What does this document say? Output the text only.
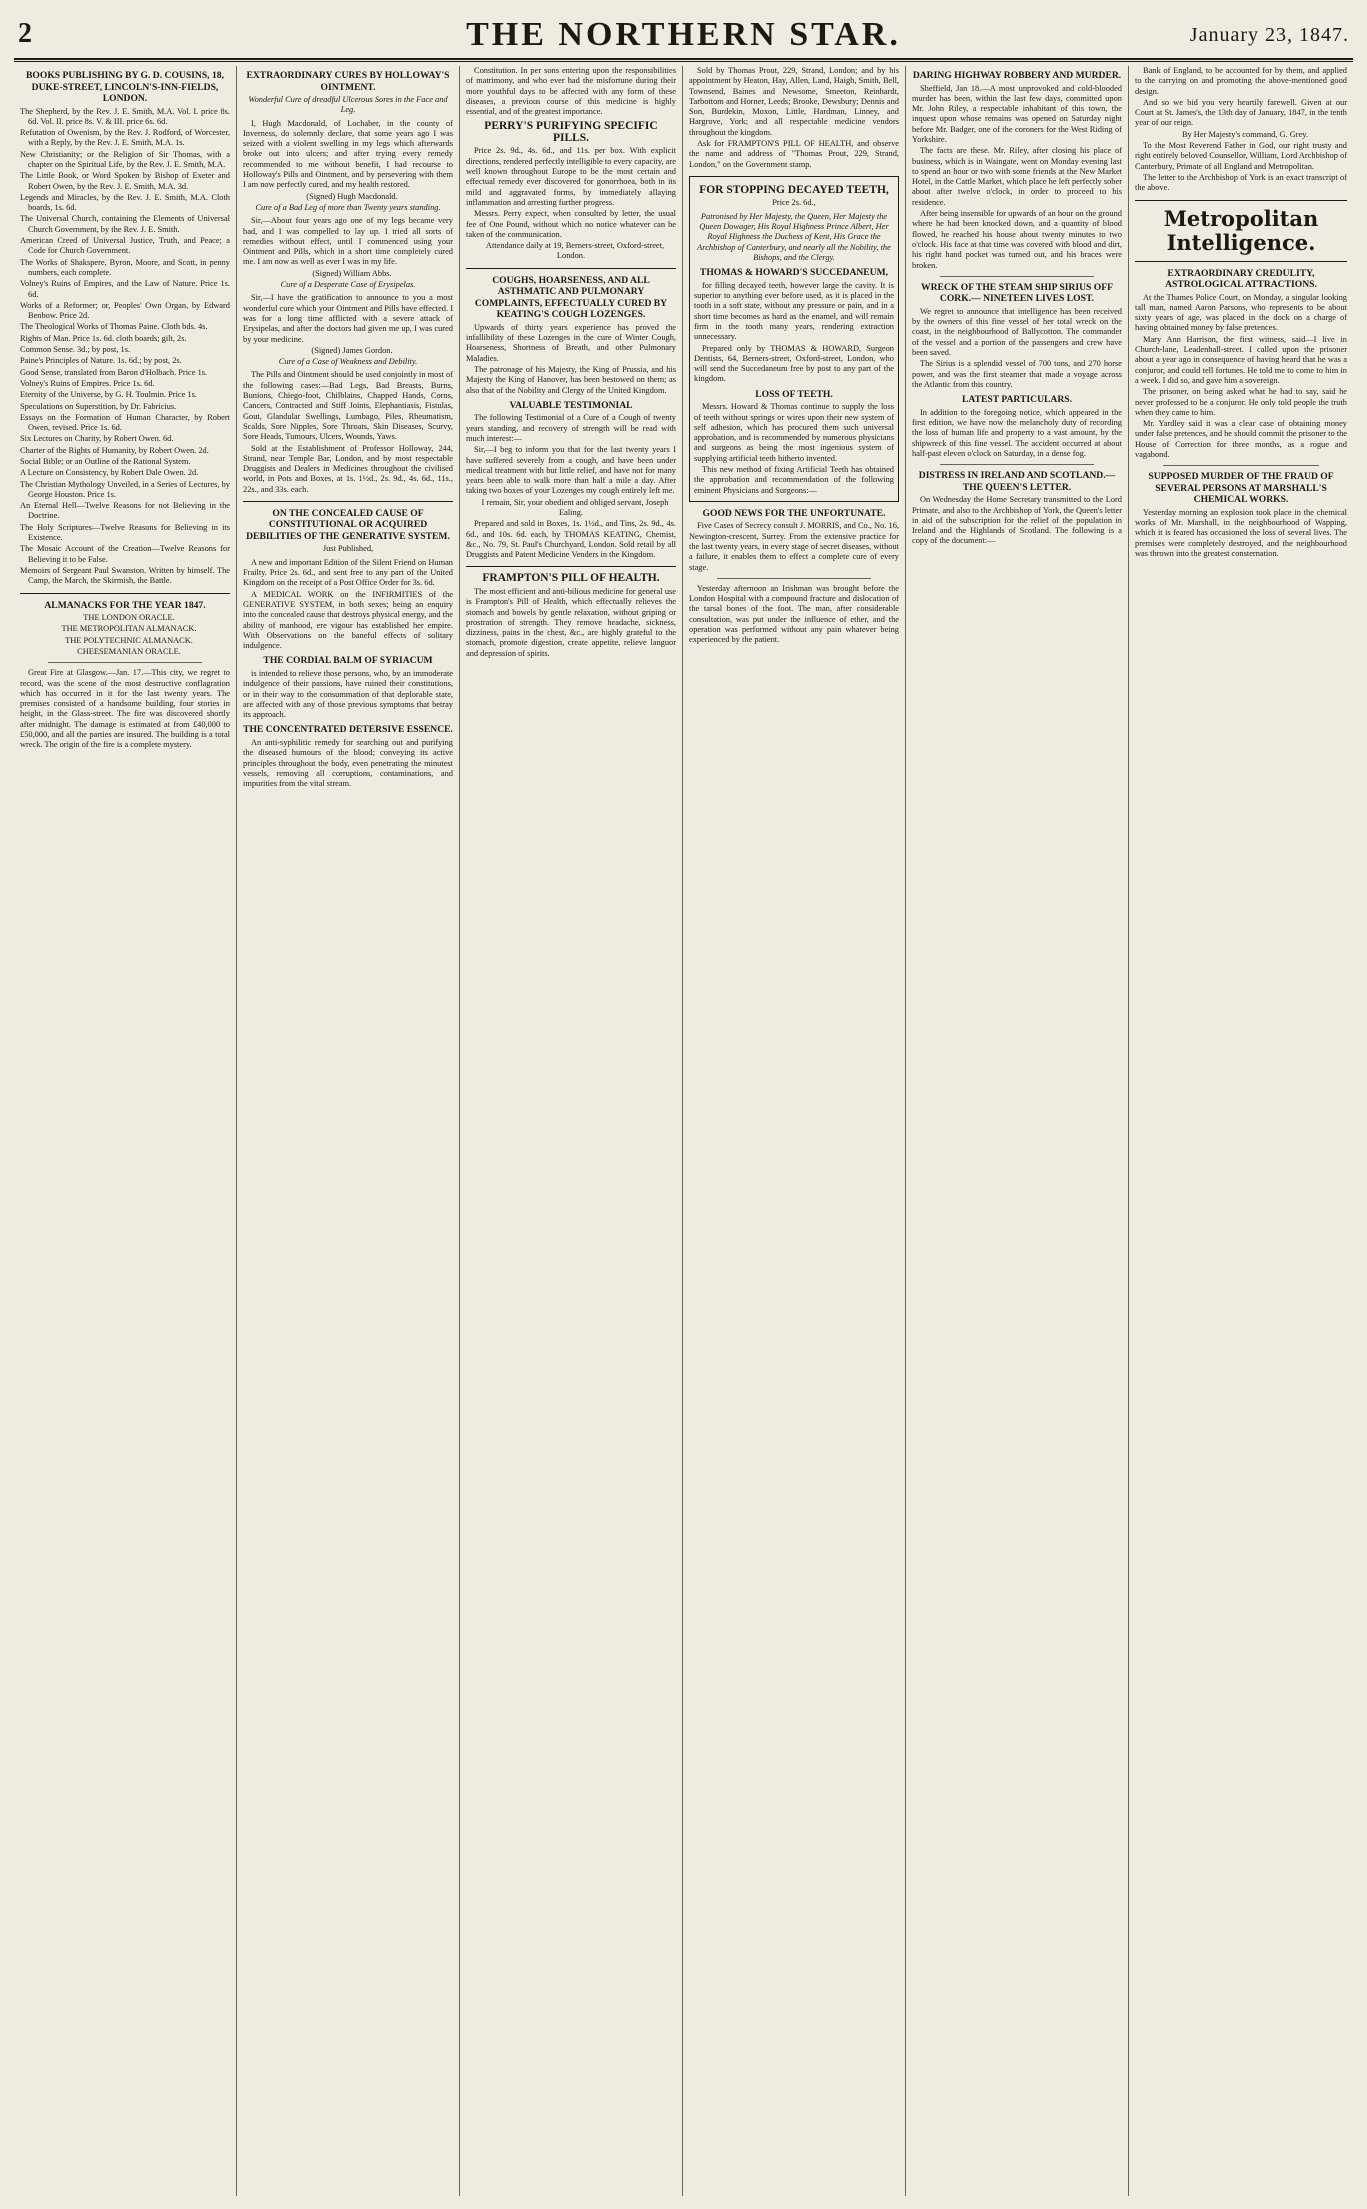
2	THE NORTHERN STAR.	January 23, 1847.
BOOKS PUBLISHING BY G. D. COUSINS, 18, DUKE-STREET, LINCOLN'S-INN-FIELDS, LONDON.

The Shepherd, by the Rev. J. E. Smith, M.A. Vol. I. price 8s. 6d. Vol. II. price 8s. V. & III. price 6s. 6d.

Refutation of Owenism, by the Rev. J. Rodford, of Worcester, with a Reply, by the Rev. J. E. Smith, M.A. 1s.

New Christianity; or the Religion of Sir Thomas, with a chapter on the Spiritual Life, by the Rev. J. E. Smith, M.A.

The Little Book, or Word Spoken by Bishop of Exeter and Robert Owen, by the Rev. J. E. Smith, M.A. 3d.

Legends and Miracles, by the Rev. J. E. Smith, M.A. Cloth boards, 1s. 6d.

The Universal Church, containing the Elements of Universal Church Government, by the Rev. J. E. Smith.

American Creed of Universal Justice, Truth, and Peace; a Code for Church Government.

The Works of Shakspere, Byron, Moore, and Scott, in penny numbers, each complete.

Volney's Ruins of Empires, and the Law of Nature. Price 1s. 6d.

Works of a Reformer; or, Peoples' Own Organ, by Edward Benbow. Price 2d.

The Theological Works of Thomas Paine. Cloth bds. 4s.

Rights of Man. Price 1s. 6d. cloth boards; gilt, 2s.

Common Sense. 3d.; by post, 1s.

Paine's Principles of Nature. 1s. 6d.; by post, 2s.

Good Sense, translated from Baron d'Holbach. Price 1s.

Volney's Ruins of Empires. Price 1s. 6d.

Eternity of the Universe, by G. H. Toulmin. Price 1s.

Speculations on Superstition, by Dr. Fabricius.

Essays on the Formation of Human Character, by Robert Owen, revised. Price 1s. 6d.

Six Lectures on Charity, by Robert Owen. 6d.

Charter of the Rights of Humanity, by Robert Owen. 2d.

Social Bible; or an Outline of the Rational System.

A Lecture on Consistency, by Robert Dale Owen. 2d.

The Christian Mythology Unveiled, in a Series of Lectures, by George Houston. Price 1s.

An Eternal Hell—Twelve Reasons for not Believing in the Doctrine.

The Holy Scriptures—Twelve Reasons for Believing in its Existence.

The Mosaic Account of the Creation—Twelve Reasons for Believing it to be False.

Memoirs of Sergeant Paul Swanston. Written by himself. The Camp, the March, the Skirmish, the Battle.

ALMANACKS FOR THE YEAR 1847.

THE LONDON ORACLE.

THE METROPOLITAN ALMANACK.

THE POLYTECHNIC ALMANACK.

CHEESEMANIAN ORACLE.

Great Fire at Glasgow.—Jan. 17.—This city, we regret to record, was the scene of the most destructive conflagration which has occurred in it for the last twenty years. The premises consisted of a handsome building, four stories in height, in the Glass-street. The fire was discovered shortly after midnight. The damage is estimated at from £40,000 to £50,000, and all the parties are insured. The building is a total wreck. The origin of the fire is a complete mystery.

EXTRAORDINARY CURES BY HOLLOWAY'S OINTMENT.
Wonderful Cure of dreadful Ulcerous Sores in the Face and Leg.

I, Hugh Macdonald, of Lochaber, in the county of Inverness, do solemnly declare, that some years ago I was seized with a violent swelling in my legs which afterwards broke out into ulcers; and after trying every remedy recommended to me without benefit, I had recourse to Holloway's Pills and Ointment, and by persevering with them I am now perfectly cured, and my health restored.

(Signed) Hugh Macdonald.

Cure of a Bad Leg of more than Twenty years standing.

Sir,—About four years ago one of my legs became very bad, and I was compelled to lay up. I tried all sorts of remedies without effect, until I commenced using your Ointment and Pills, which in a short time completely cured me. I am now as well as ever I was in my life.

(Signed) William Abbs.

Cure of a Desperate Case of Erysipelas.

Sir,—I have the gratification to announce to you a most wonderful cure which your Ointment and Pills have effected. I was for a long time afflicted with a severe attack of Erysipelas, and after the doctors had given me up, I was cured by your medicine.

(Signed) James Gordon.

Cure of a Case of Weakness and Debility.

The Pills and Ointment should be used conjointly in most of the following cases:—Bad Legs, Bad Breasts, Burns, Bunions, Chiego-foot, Chilblains, Chapped Hands, Corns, Cancers, Contracted and Stiff Joints, Elephantiasis, Fistulas, Gout, Glandular Swellings, Lumbago, Piles, Rheumatism, Scalds, Sore Nipples, Sore Throats, Skin Diseases, Scurvy, Sore Heads, Tumours, Ulcers, Wounds, Yaws.

Sold at the Establishment of Professor Holloway, 244, Strand, near Temple Bar, London, and by most respectable Druggists and Dealers in Medicines throughout the civilised world, in Pots and Boxes, at 1s. 1½d., 2s. 9d., 4s. 6d., 11s., 22s., and 33s. each.

ON THE CONCEALED CAUSE OF CONSTITUTIONAL OR ACQUIRED DEBILITIES OF THE GENERATIVE SYSTEM.
Just Published,

A new and important Edition of the Silent Friend on Human Frailty. Price 2s. 6d., and sent free to any part of the United Kingdom on the receipt of a Post Office Order for 3s. 6d.

A MEDICAL WORK on the INFIRMITIES of the GENERATIVE SYSTEM, in both sexes; being an enquiry into the concealed cause that destroys physical energy, and the ability of manhood, ere vigour has established her empire. With Observations on the baneful effects of solitary indulgence.

THE CORDIAL BALM OF SYRIACUM

is intended to relieve those persons, who, by an immoderate indulgence of their passions, have ruined their constitutions, or in their way to the consummation of that deplorable state, are affected with any of those previous symptoms that betray its approach.

THE CONCENTRATED DETERSIVE ESSENCE.

An anti-syphilitic remedy for searching out and purifying the diseased humours of the blood; conveying its active principles throughout the body, even penetrating the minutest vessels, removing all corruptions, contaminations, and impurities from the vital stream.

Constitution. In per sons entering upon the responsibilities of matrimony, and who ever had the misfortune during their more youthful days to be affected with any form of these diseases, a previous course of this medicine is highly essential, and of the greatest importance.

PERRY'S PURIFYING SPECIFIC PILLS.

Price 2s. 9d., 4s. 6d., and 11s. per box. With explicit directions, rendered perfectly intelligible to every capacity, are well known throughout Europe to be the most certain and effectual remedy ever discovered for gonorrhoea, both in its mild and aggravated forms, by immediately allaying inflammation and arresting further progress.

Messrs. Perry expect, when consulted by letter, the usual fee of One Pound, without which no notice whatever can be taken of the communication.

Attendance daily at 19, Berners-street, Oxford-street, London.

COUGHS, HOARSENESS, AND ALL ASTHMATIC AND PULMONARY COMPLAINTS, EFFECTUALLY CURED BY KEATING'S COUGH LOZENGES.

Upwards of thirty years experience has proved the infallibility of these Lozenges in the cure of Winter Cough, Hoarseness, Shortness of Breath, and other Pulmonary Maladies.

The patronage of his Majesty, the King of Prussia, and his Majesty the King of Hanover, has been bestowed on them; as also that of the Nobility and Clergy of the United Kingdom.

VALUABLE TESTIMONIAL

The following Testimonial of a Cure of a Cough of twenty years standing, and recovery of strength will be read with much interest:—

Sir,—I beg to inform you that for the last twenty years I have suffered severely from a cough, and have been under medical treatment with but little relief, and have not for many years been able to walk more than half a mile a day. After taking two boxes of your Lozenges my cough entirely left me.

I remain, Sir, your obedient and obliged servant, Joseph Ealing.

Prepared and sold in Boxes, 1s. 1½d., and Tins, 2s. 9d., 4s. 6d., and 10s. 6d. each, by THOMAS KEATING, Chemist, &c., No. 79, St. Paul's Churchyard, London. Sold retail by all Druggists and Patent Medicine Venders in the Kingdom.

FRAMPTON'S PILL OF HEALTH.

The most efficient and anti-bilious medicine for general use is Frampton's Pill of Health, which effectually relieves the stomach and bowels by gentle relaxation, without griping or prostration of strength. They remove headache, sickness, dizziness, pains in the chest, &c., are highly grateful to the stomach, promote digestion, create appetite, relieve languor and depression of spirits.

Sold by Thomas Prout, 229, Strand, London; and by his appointment by Heaton, Hay, Allen, Land, Haigh, Smith, Bell, Townsend, Baines and Newsome, Smeeton, Reinhardt, Tarbottom and Horner, Leeds; Brooke, Dewsbury; Dennis and Son, Burdekin, Moxon, Little, Hardman, Linney, and Hargrove, York; and all respectable medicine vendors throughout the kingdom.

Ask for FRAMPTON'S PILL OF HEALTH, and observe the name and address of "Thomas Prout, 229, Strand, London," on the Government stamp.

FOR STOPPING DECAYED TEETH,
Price 2s. 6d.,
Patronised by Her Majesty, the Queen, Her Majesty the Queen Dowager, His Royal Highness Prince Albert, Her Royal Highness the Duchess of Kent, His Grace the Archbishop of Canterbury, and nearly all the Nobility, the Bishops, and the Clergy.
THOMAS & HOWARD'S SUCCEDANEUM,

for filling decayed teeth, however large the cavity. It is superior to anything ever before used, as it is placed in the tooth in a soft state, without any pressure or pain, and in a short time becomes as hard as the enamel, and will remain firm in the tooth many years, rendering extraction unnecessary.

Prepared only by THOMAS & HOWARD, Surgeon Dentists, 64, Berners-street, Oxford-street, London, who will send the Succedaneum free by post to any part of the kingdom.

LOSS OF TEETH.

Messrs. Howard & Thomas continue to supply the loss of teeth without springs or wires upon their new system of self adhesion, which has procured them such universal approbation, and is recommended by numerous physicians and surgeons as being the most ingenious system of supplying artificial teeth hitherto invented.

This new method of fixing Artificial Teeth has obtained the approbation and recommendation of the following eminent Physicians and Surgeons:—

GOOD NEWS FOR THE UNFORTUNATE.

Five Cases of Secrecy consult J. MORRIS, and Co., No. 16, Newington-crescent, Surrey. From the extensive practice for the last twenty years, in every stage of secret diseases, without a failure, it enables them to effect a complete cure of every stage.

Yesterday afternoon an Irishman was brought before the London Hospital with a compound fracture and dislocation of the tarsal bones of the foot. The man, after considerable consultation, was put under the influence of ether, and the operation was performed without any pain whatever being experienced by the patient.

DARING HIGHWAY ROBBERY AND MURDER.

Sheffield, Jan 18.—A most unprovoked and cold-blooded murder has been, within the last few days, committed upon Mr. John Riley, a respectable inhabitant of this town, the inquest upon whose remains was opened on Saturday night before Mr. Badger, one of the coroners for the West Riding of Yorkshire.

The facts are these. Mr. Riley, after closing his place of business, which is in Waingate, went on Monday evening last to spend an hour or two with some friends at the New Market Hotel, in the Cattle Market, which place he left perfectly sober about after twelve o'clock, in order to proceed to his residence.

After being insensible for upwards of an hour on the ground where he had been knocked down, and a quantity of blood flowed, he reached his house about twenty minutes to two o'clock. His face at that time was covered with blood and dirt, his right hand pocket was turned out, and his braces were broken.

WRECK OF THE STEAM SHIP SIRIUS OFF CORK.— NINETEEN LIVES LOST.

We regret to announce that intelligence has been received by the owners of this fine vessel of her total wreck on the coast, in the neighbourhood of Ballycotton. The commander of the vessel and a portion of the passengers and crew have been saved.

The Sirius is a splendid vessel of 700 tons, and 270 horse power, and was the first steamer that made a voyage across the Atlantic from this country.

LATEST PARTICULARS.

In addition to the foregoing notice, which appeared in the first edition, we have now the melancholy duty of recording the loss of human life and property to a vast amount, by the shipwreck of this fine vessel. The accident occurred at about half-past eleven o'clock on Saturday, in a dense fog.

DISTRESS IN IRELAND AND SCOTLAND.—THE QUEEN'S LETTER.

On Wednesday the Home Secretary transmitted to the Lord Primate, and also to the Archbishop of York, the Queen's letter in aid of the subscription for the relief of the population in Ireland and the Highlands of Scotland. The following is a copy of the document:—

Bank of England, to be accounted for by them, and applied to the carrying on and promoting the above-mentioned good design.

And so we bid you very heartily farewell. Given at our Court at St. James's, the 13th day of January, 1847, in the tenth year of our reign.

By Her Majesty's command, G. Grey.

To the Most Reverend Father in God, our right trusty and right entirely beloved Counsellor, William, Lord Archbishop of Canterbury, Primate of all England and Metropolitan.

The letter to the Archbishop of York is an exact transcript of the above.

Metropolitan Intelligence.
EXTRAORDINARY CREDULITY, ASTROLOGICAL ATTRACTIONS.

At the Thames Police Court, on Monday, a singular looking tall man, named Aaron Parsons, who represents to be about sixty years of age, was placed in the dock on a charge of having obtained money by false pretences.

Mary Ann Harrison, the first witness, said—I live in Church-lane, Leadenhall-street. I called upon the prisoner about a year ago in consequence of having heard that he was a conjuror, and could tell fortunes. He told me to come to him in a week. I did so, and gave him a sovereign.

The prisoner, on being asked what he had to say, said he never professed to be a conjuror. He only told people the truth when they came to him.

Mr. Yardley said it was a clear case of obtaining money under false pretences, and he should commit the prisoner to the House of Correction for three months, as a rogue and vagabond.

SUPPOSED MURDER OF THE FRAUD OF SEVERAL PERSONS AT MARSHALL'S CHEMICAL WORKS.

Yesterday morning an explosion took place in the chemical works of Mr. Marshall, in the neighbourhood of Wapping, which it is feared has occasioned the loss of several lives. The premises were completely destroyed, and the neighbourhood was thrown into the greatest consternation.
